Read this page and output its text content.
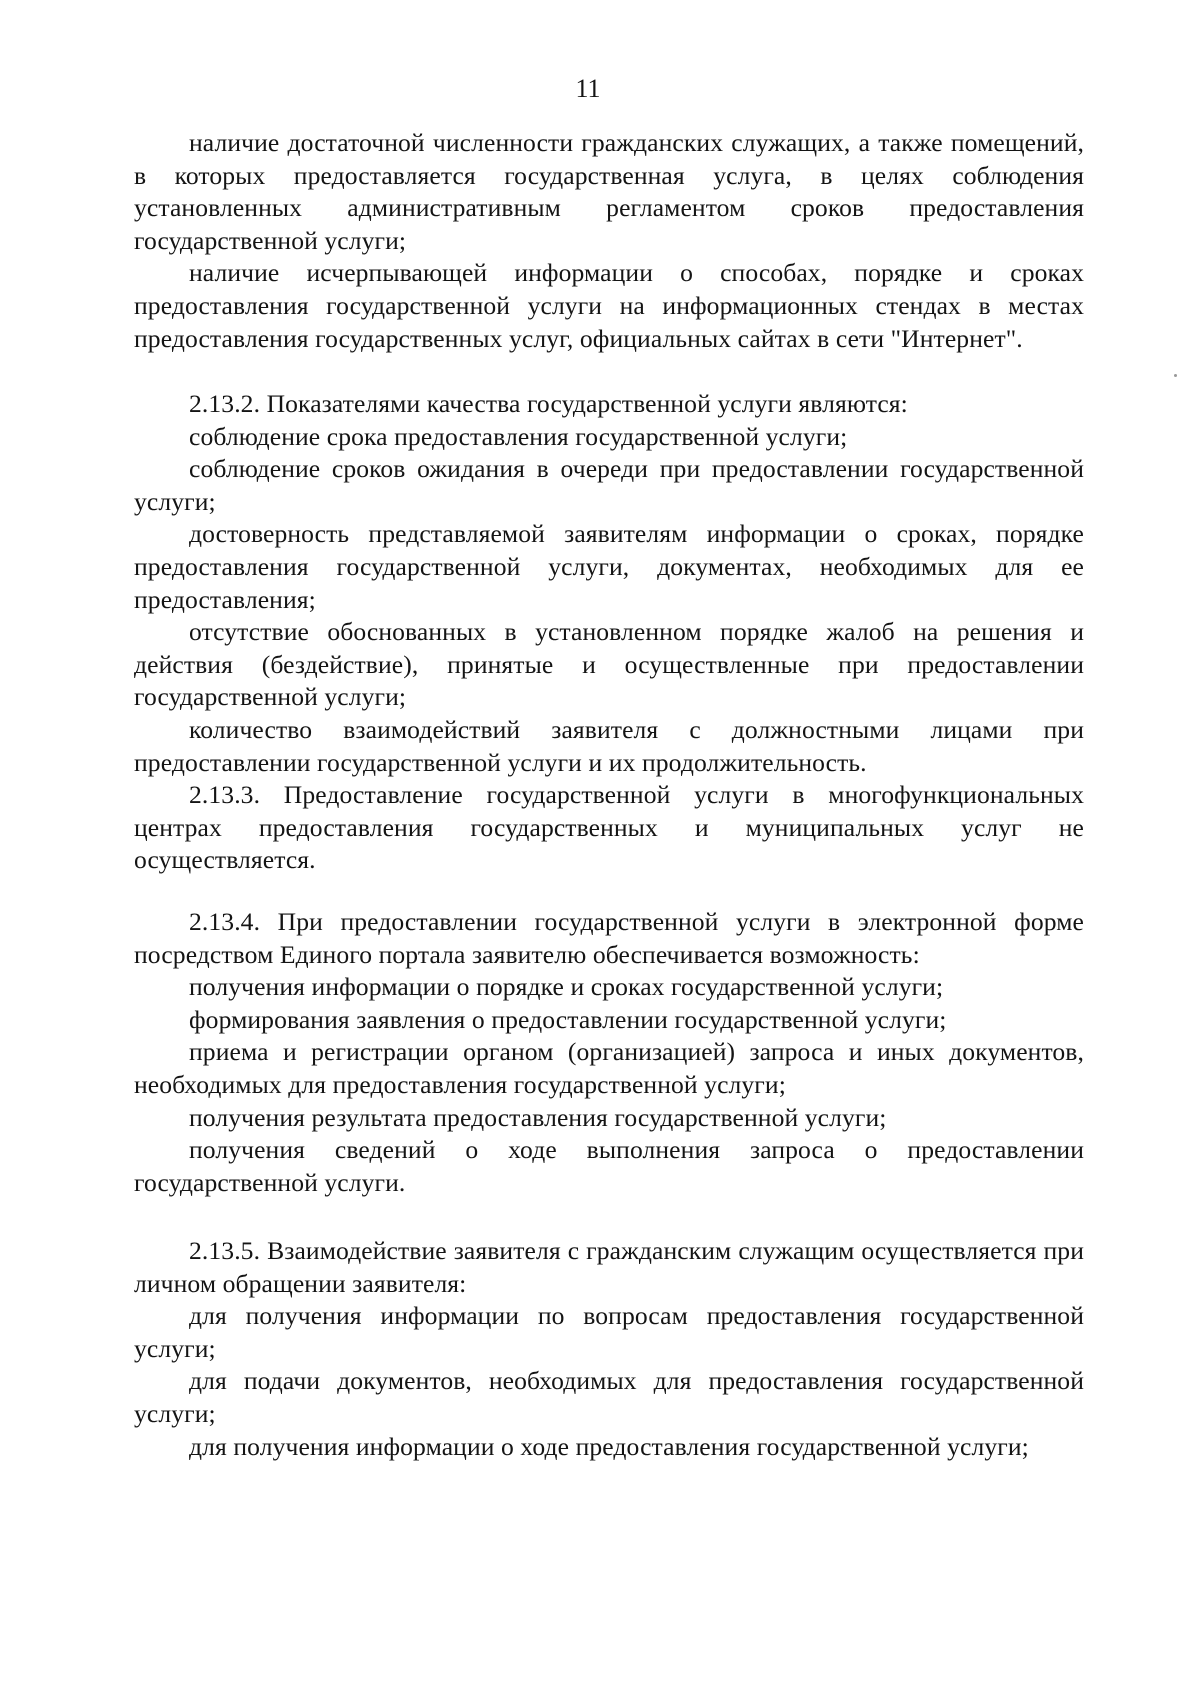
11

наличие достаточной численности гражданских служащих, а также помещений, в которых предоставляется государственная услуга, в целях соблюдения установленных административным регламентом сроков предоставления государственной услуги;

наличие исчерпывающей информации о способах, порядке и сроках предоставления государственной услуги на информационных стендах в местах предоставления государственных услуг, официальных сайтах в сети "Интернет".

2.13.2. Показателями качества государственной услуги являются:

соблюдение срока предоставления государственной услуги;

соблюдение сроков ожидания в очереди при предоставлении государственной услуги;

достоверность представляемой заявителям информации о сроках, порядке предоставления государственной услуги, документах, необходимых для ее предоставления;

отсутствие обоснованных в установленном порядке жалоб на решения и действия (бездействие), принятые и осуществленные при предоставлении государственной услуги;

количество взаимодействий заявителя с должностными лицами при предоставлении государственной услуги и их продолжительность.

2.13.3. Предоставление государственной услуги в многофункциональных центрах предоставления государственных и муниципальных услуг не осуществляется.

2.13.4. При предоставлении государственной услуги в электронной форме посредством Единого портала заявителю обеспечивается возможность:

получения информации о порядке и сроках государственной услуги;

формирования заявления о предоставлении государственной услуги;

приема и регистрации органом (организацией) запроса и иных документов, необходимых для предоставления государственной услуги;

получения результата предоставления государственной услуги;

получения сведений о ходе выполнения запроса о предоставлении государственной услуги.

2.13.5. Взаимодействие заявителя с гражданским служащим осуществляется при личном обращении заявителя:

для получения информации по вопросам предоставления государственной услуги;

для подачи документов, необходимых для предоставления государственной услуги;

для получения информации о ходе предоставления государственной услуги;
